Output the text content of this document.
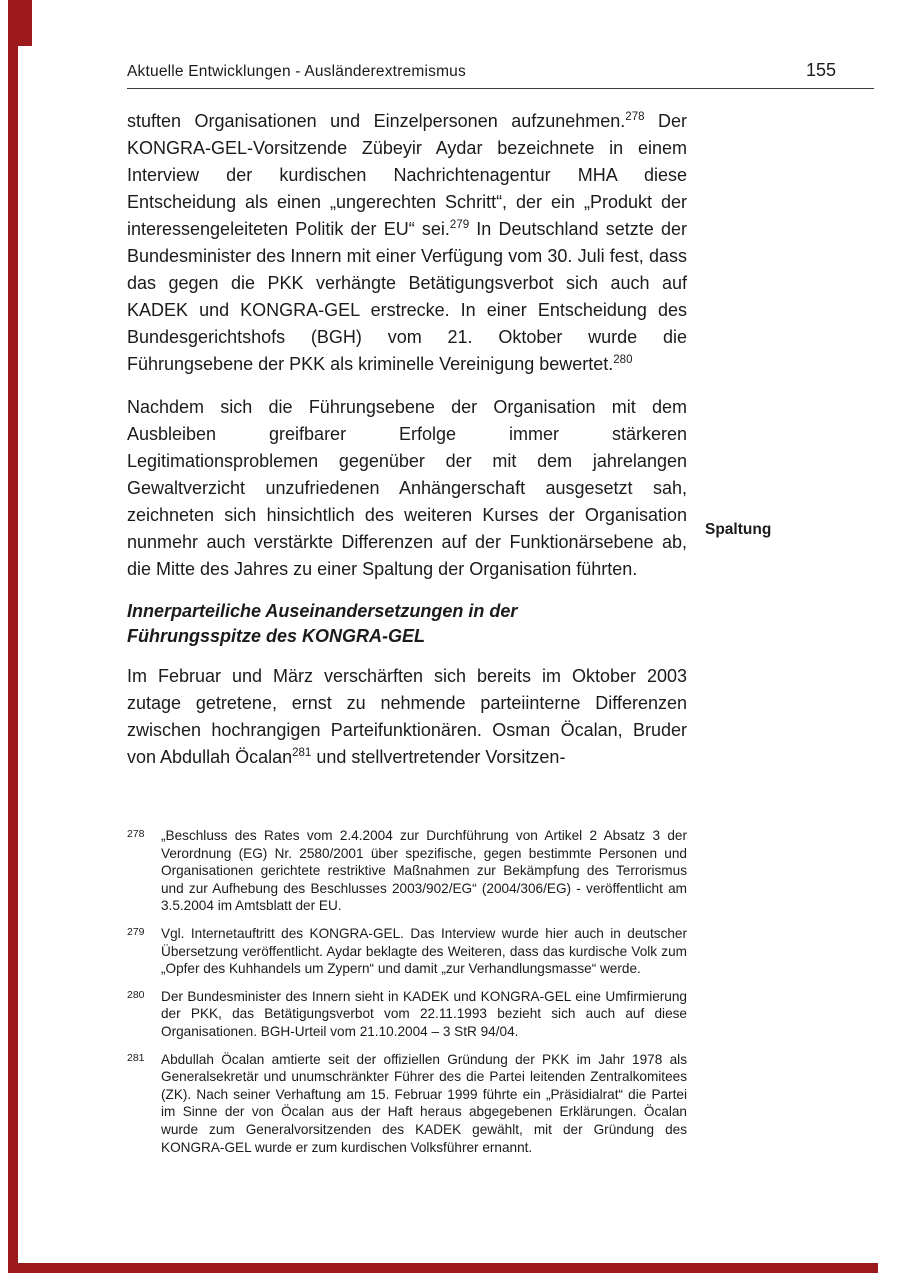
Aktuelle Entwicklungen - Ausländerextremismus	155

stuften Organisationen und Einzelpersonen aufzunehmen.$^{278}$ Der KONGRA-GEL-Vorsitzende Zübeyir Aydar bezeichnete in einem Interview der kurdischen Nachrichtenagentur MHA diese Entscheidung als einen „ungerechten Schritt“, der ein „Produkt der interessengeleiteten Politik der EU“ sei.$^{279}$ In Deutschland setzte der Bundesminister des Innern mit einer Verfügung vom 30. Juli fest, dass das gegen die PKK verhängte Betätigungsverbot sich auch auf KADEK und KONGRA-GEL erstrecke. In einer Entscheidung des Bundesgerichtshofs (BGH) vom 21. Oktober wurde die Führungsebene der PKK als kriminelle Vereinigung bewertet.$^{280}$

Nachdem sich die Führungsebene der Organisation mit dem Ausbleiben greifbarer Erfolge immer stärkeren Legitimationsproblemen gegenüber der mit dem jahrelangen Gewaltverzicht unzufriedenen Anhängerschaft ausgesetzt sah, zeichneten sich hinsichtlich des weiteren Kurses der Organisation nunmehr auch verstärkte Differenzen auf der Funktionärsebene ab, die Mitte des Jahres zu einer Spaltung der Organisation führten.

Innerparteiliche Auseinandersetzungen in der
Führungsspitze des KONGRA-GEL

Im Februar und März verschärften sich bereits im Oktober 2003 zutage getretene, ernst zu nehmende parteiinterne Differenzen zwischen hochrangigen Parteifunktionären. Osman Öcalan, Bruder von Abdullah Öcalan$^{281}$ und stellvertretender Vorsitzen-

Spaltung
278	„Beschluss des Rates vom 2.4.2004 zur Durchführung von Artikel 2 Absatz 3 der Verordnung (EG) Nr. 2580/2001 über spezifische, gegen bestimmte Personen und Organisationen gerichtete restriktive Maßnahmen zur Bekämpfung des Terrorismus und zur Aufhebung des Beschlusses 2003/902/EG“ (2004/306/EG) - veröffentlicht am 3.5.2004 im Amtsblatt der EU.
279	Vgl. Internetauftritt des KONGRA-GEL. Das Interview wurde hier auch in deutscher Übersetzung veröffentlicht. Aydar beklagte des Weiteren, dass das kurdische Volk zum „Opfer des Kuhhandels um Zypern“ und damit „zur Verhandlungsmasse“ werde.
280	Der Bundesminister des Innern sieht in KADEK und KONGRA-GEL eine Umfirmierung der PKK, das Betätigungsverbot vom 22.11.1993 bezieht sich auch auf diese Organisationen. BGH-Urteil vom 21.10.2004 – 3 StR 94/04.
281	Abdullah Öcalan amtierte seit der offiziellen Gründung der PKK im Jahr 1978 als Generalsekretär und unumschränkter Führer des die Partei leitenden Zentralkomitees (ZK). Nach seiner Verhaftung am 15. Februar 1999 führte ein „Präsidialrat“ die Partei im Sinne der von Öcalan aus der Haft heraus abgegebenen Erklärungen. Öcalan wurde zum Generalvorsitzenden des KADEK gewählt, mit der Gründung des KONGRA-GEL wurde er zum kurdischen Volksführer ernannt.
